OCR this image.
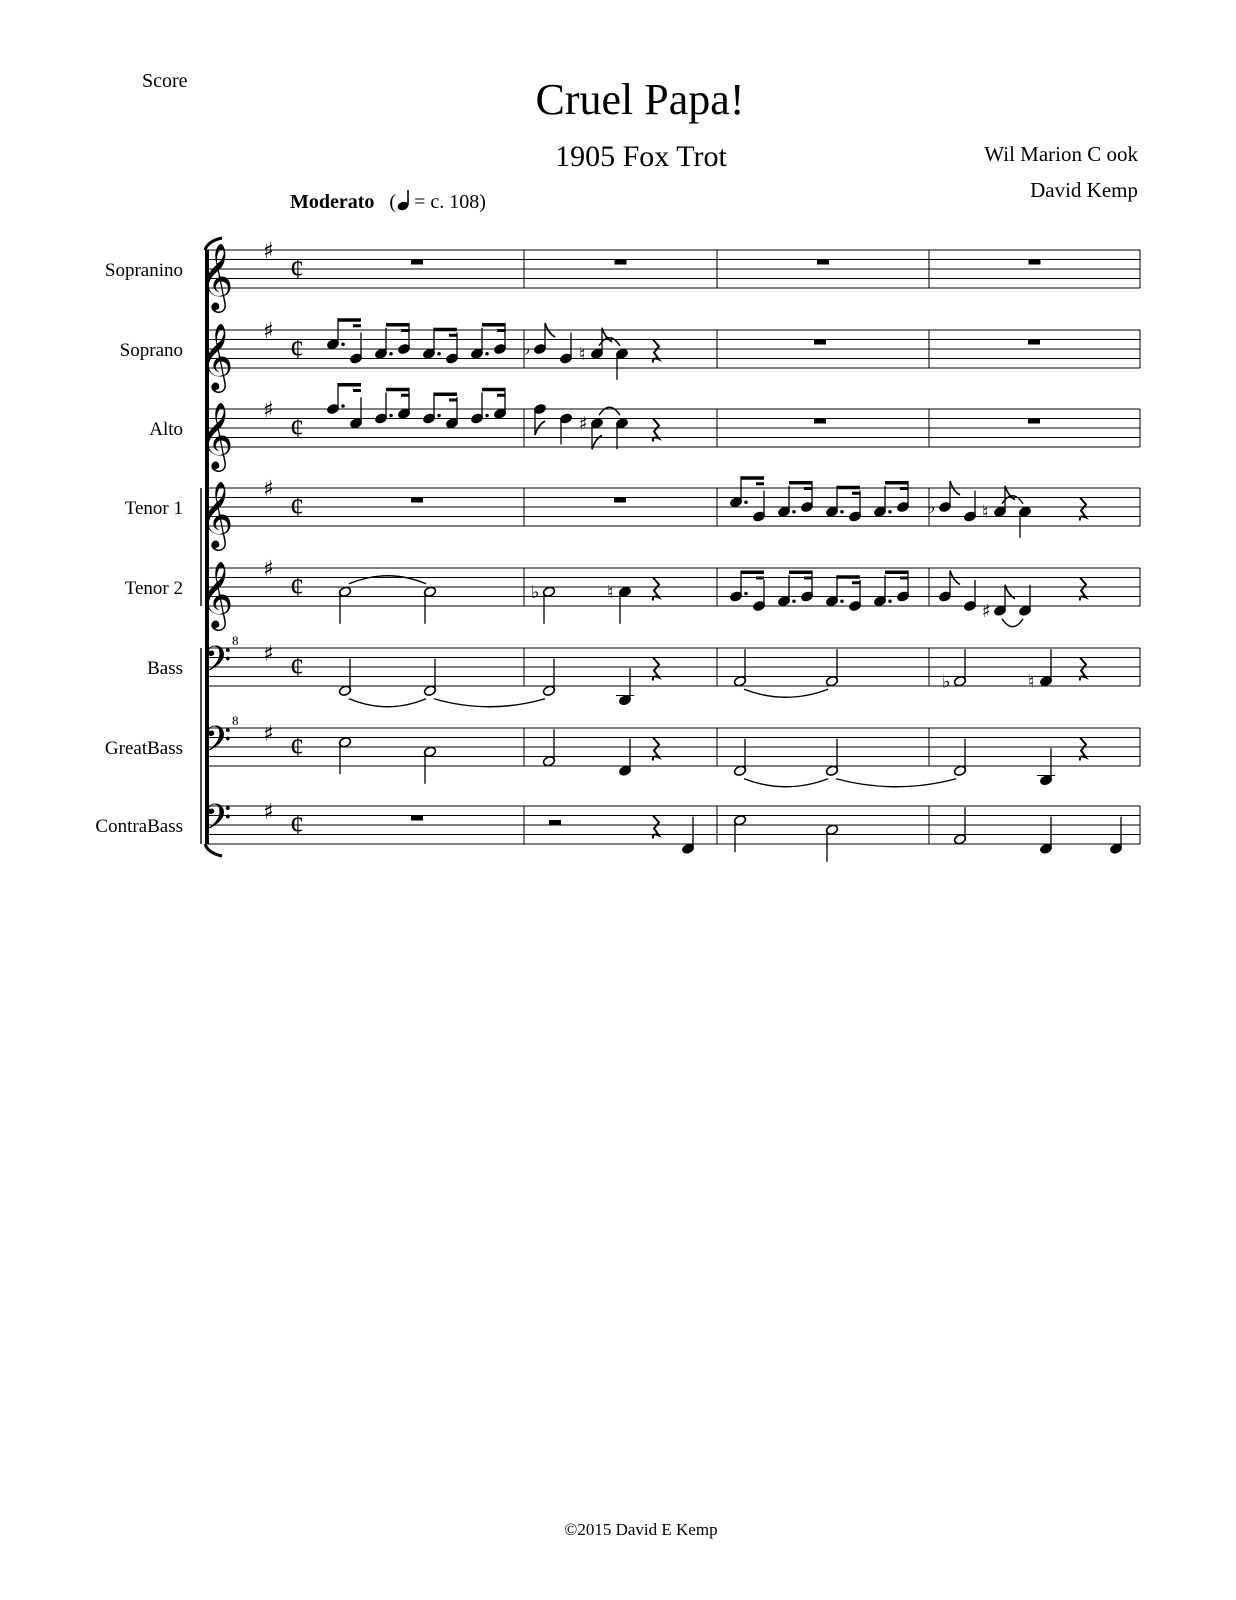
Score	Cruel Papa!
1905 Fox Trot	Wil Marion C ook
David Kemp
Moderato ( = c. 108)
Sopranino
Soprano
Alto
Tenor 1
Tenor 2
Bass
GreatBass
ContraBass
𝄞 ♯
¢
𝄞 ♯
¢
𝄞 ♯
¢
𝄞 ♯
¢
𝄞 ♯
¢
𝄢 8
♯ ¢
𝄢 8
♯ ¢
𝄢 ♯ ¢
♭	♮
♯
♭	♮
♭	♮
♯
♭	♮
©2015 David E Kemp
